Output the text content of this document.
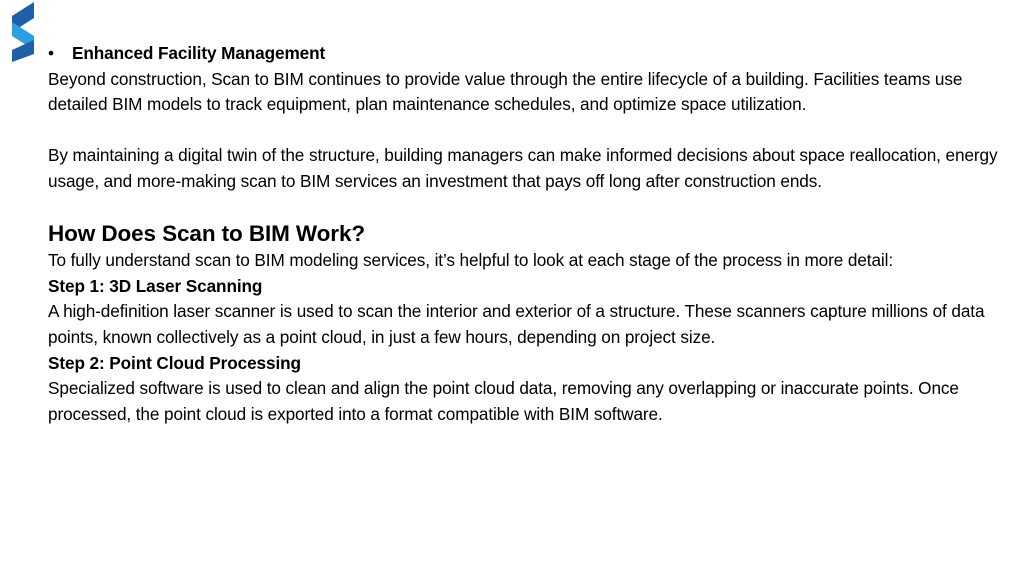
• Enhanced Facility Management

Beyond construction, Scan to BIM continues to provide value through the entire lifecycle of a building. Facilities teams use detailed BIM models to track equipment, plan maintenance schedules, and optimize space utilization.

By maintaining a digital twin of the structure, building managers can make informed decisions about space reallocation, energy usage, and more-making scan to BIM services an investment that pays off long after construction ends.

How Does Scan to BIM Work?

To fully understand scan to BIM modeling services, it’s helpful to look at each stage of the process in more detail:

Step 1: 3D Laser Scanning

A high-definition laser scanner is used to scan the interior and exterior of a structure. These scanners capture millions of data points, known collectively as a point cloud, in just a few hours, depending on project size.

Step 2: Point Cloud Processing

Specialized software is used to clean and align the point cloud data, removing any overlapping or inaccurate points. Once processed, the point cloud is exported into a format compatible with BIM software.
